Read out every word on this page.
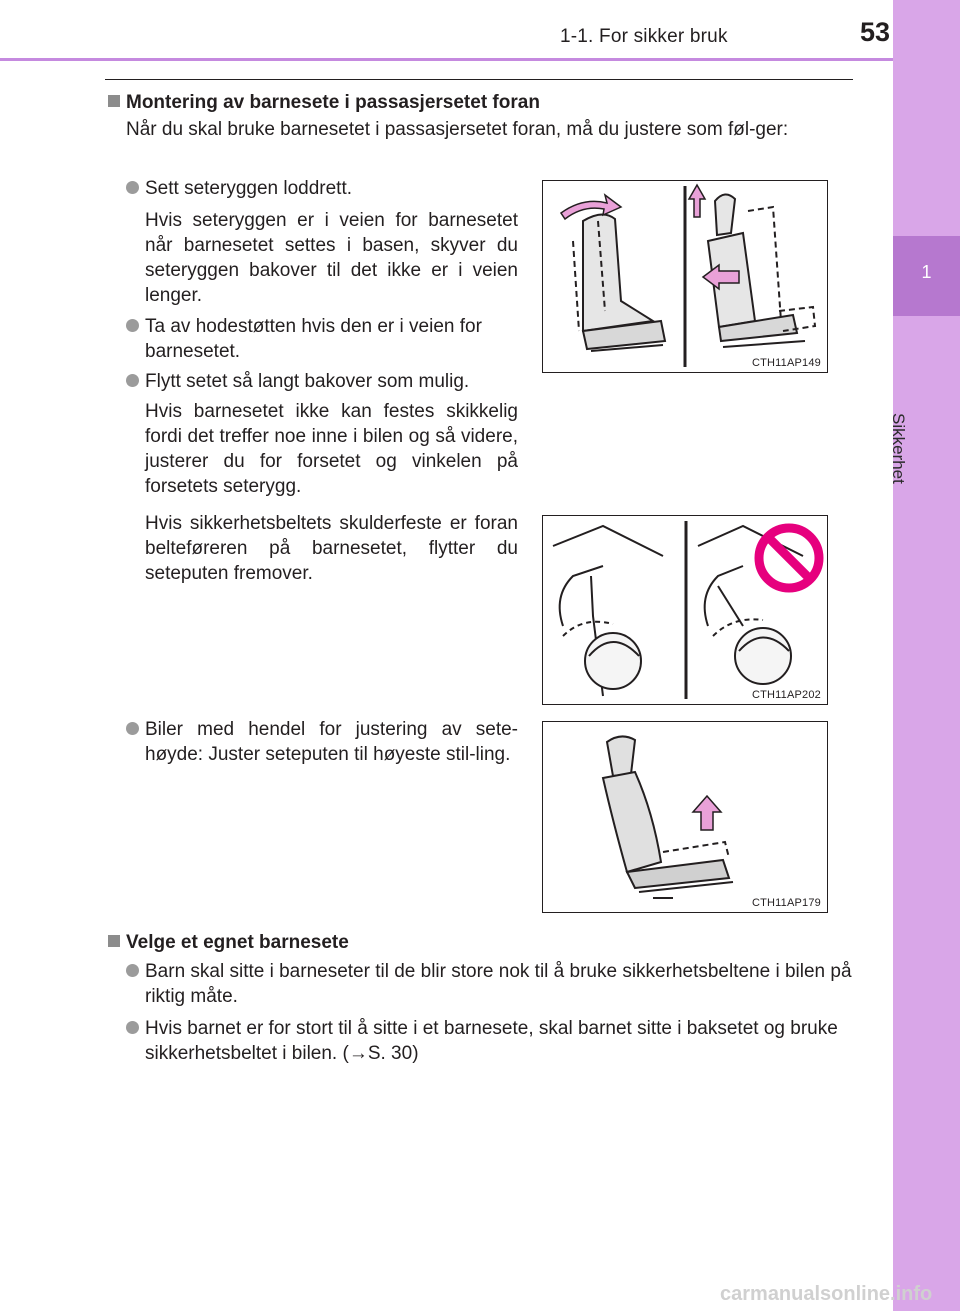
1-1. For sikker bruk	53
1
Sikkerhet
Montering av barnesete i passasjersetet foran
Når du skal bruke barnesetet i passasjersetet foran, må du justere som føl-ger:
Sett seteryggen loddrett.
Hvis seteryggen er i veien for barnesetet når barnesetet settes i basen, skyver du seteryggen bakover til det ikke er i veien lenger.
Ta av hodestøtten hvis den er i veien for barnesetet.
Flytt setet så langt bakover som mulig.
Hvis barnesetet ikke kan festes skikkelig fordi det treffer noe inne i bilen og så videre, justerer du for forsetet og vinkelen på forsetets seterygg.
Hvis sikkerhetsbeltets skulderfeste er foran belteføreren på barnesetet, flytter du seteputen fremover.
Biler med hendel for justering av sete-høyde: Juster seteputen til høyeste stil-ling.
CTH11AP149
CTH11AP202
CTH11AP179
Velge et egnet barnesete
Barn skal sitte i barneseter til de blir store nok til å bruke sikkerhetsbeltene i bilen på riktig måte.
Hvis barnet er for stort til å sitte i et barnesete, skal barnet sitte i baksetet og bruke sikkerhetsbeltet i bilen. (→S. 30)
carmanualsonline.info
